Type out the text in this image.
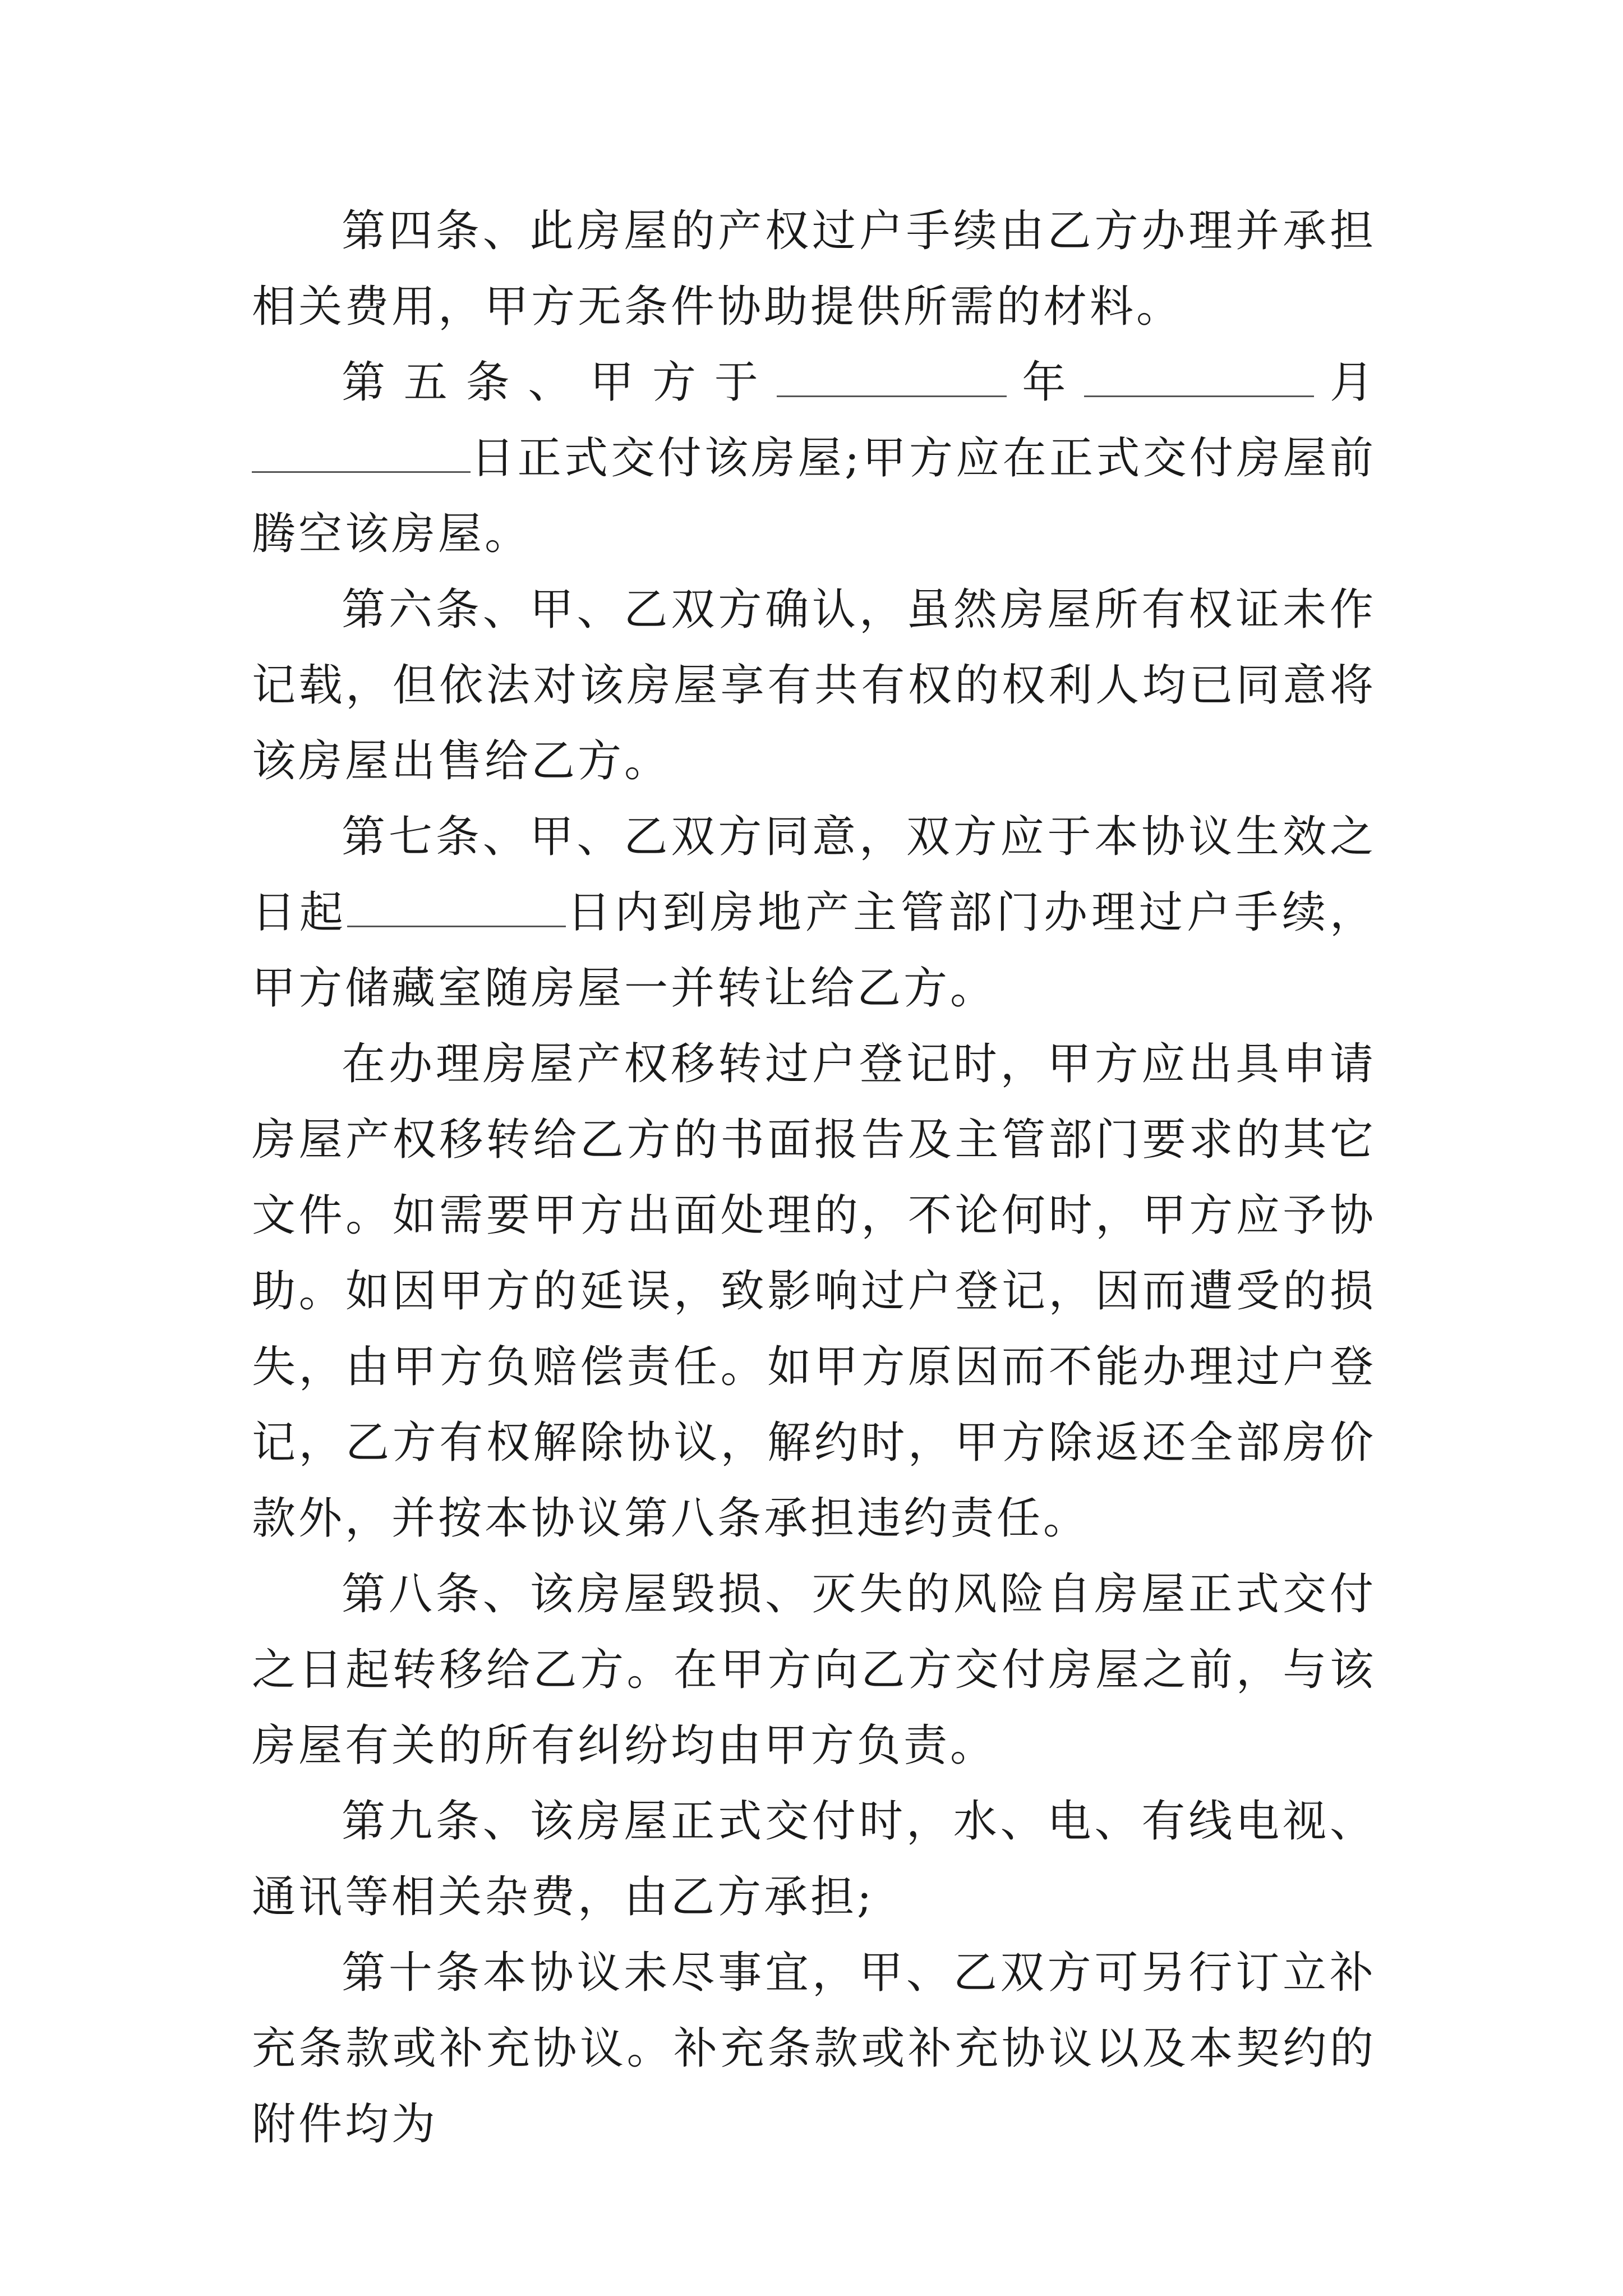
第四条、此房屋的产权过户手续由乙方办理并承担相关费用，甲方无条件协助提供所需的材料。

第五条、甲方于	年	月日正式交付该房屋;甲方应在正式交付房屋前腾空该房屋。

第六条、甲、乙双方确认，虽然房屋所有权证未作记载，但依法对该房屋享有共有权的权利人均已同意将该房屋出售给乙方。

第七条、甲、乙双方同意，双方应于本协议生效之日起	日内到房地产主管部门办理过户手续，甲方储藏室随房屋一并转让给乙方。

在办理房屋产权移转过户登记时，甲方应出具申请房屋产权移转给乙方的书面报告及主管部门要求的其它文件。如需要甲方出面处理的，不论何时，甲方应予协助。如因甲方的延误，致影响过户登记，因而遭受的损失，由甲方负赔偿责任。如甲方原因而不能办理过户登记，乙方有权解除协议，解约时，甲方除返还全部房价款外，并按本协议第八条承担违约责任。

第八条、该房屋毁损、灭失的风险自房屋正式交付之日起转移给乙方。在甲方向乙方交付房屋之前，与该房屋有关的所有纠纷均由甲方负责。

第九条、该房屋正式交付时，水、电、有线电视、通讯等相关杂费，由乙方承担;

第十条本协议未尽事宜，甲、乙双方可另行订立补充条款或补充协议。补充条款或补充协议以及本契约的附件均为
